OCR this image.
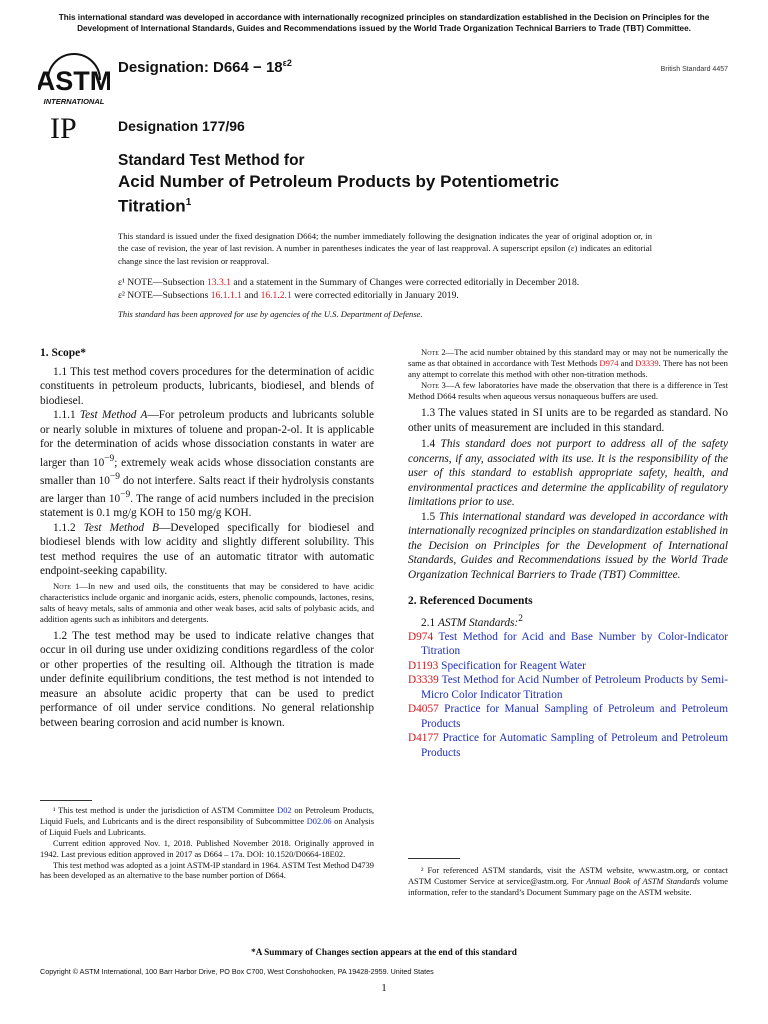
This international standard was developed in accordance with internationally recognized principles on standardization established in the Decision on Principles for the
Development of International Standards, Guides and Recommendations issued by the World Trade Organization Technical Barriers to Trade (TBT) Committee.
ASTM
INTERNATIONAL
IP
Designation: $D664 - 18^{\varepsilon 2}$
British Standard 4457
Designation 177/96
Standard Test Method for
Acid Number of Petroleum Products by Potentiometric
Titration$^1$
This standard is issued under the fixed designation D664; the number immediately following the designation indicates the year of original adoption or, in the case of revision, the year of last revision. A number in parentheses indicates the year of last reapproval. A superscript epsilon (ε) indicates an editorial change since the last revision or reapproval.
ε¹ NOTE—Subsection 13.3.1 and a statement in the Summary of Changes were corrected editorially in December 2018.
ε² NOTE—Subsections 16.1.1.1 and 16.1.2.1 were corrected editorially in January 2019.
This standard has been approved for use by agencies of the U.S. Department of Defense.
1. Scope*

1.1 This test method covers procedures for the determination of acidic constituents in petroleum products, lubricants, biodiesel, and blends of biodiesel.

1.1.1 Test Method A—For petroleum products and lubricants soluble or nearly soluble in mixtures of toluene and propan-2-ol. It is applicable for the determination of acids whose dissociation constants in water are larger than $10^{-9}$; extremely weak acids whose dissociation constants are smaller than $10^{-9}$ do not interfere. Salts react if their hydrolysis constants are larger than $10^{-9}$. The range of acid numbers included in the precision statement is 0.1 mg/g KOH to 150 mg/g KOH.

1.1.2 Test Method B—Developed specifically for biodiesel and biodiesel blends with low acidity and slightly different solubility. This test method requires the use of an automatic titrator with automatic endpoint-seeking capability.

Note 1—In new and used oils, the constituents that may be considered to have acidic characteristics include organic and inorganic acids, esters, phenolic compounds, lactones, resins, salts of heavy metals, salts of ammonia and other weak bases, acid salts of polybasic acids, and addition agents such as inhibitors and detergents.

1.2 The test method may be used to indicate relative changes that occur in oil during use under oxidizing conditions regardless of the color or other properties of the resulting oil. Although the titration is made under definite equilibrium conditions, the test method is not intended to measure an absolute acidic property that can be used to predict performance of oil under service conditions. No general relationship between bearing corrosion and acid number is known.

Note 2—The acid number obtained by this standard may or may not be numerically the same as that obtained in accordance with Test Methods D974 and D3339. There has not been any attempt to correlate this method with other non-titration methods.

Note 3—A few laboratories have made the observation that there is a difference in Test Method D664 results when aqueous versus nonaqueous buffers are used.

1.3 The values stated in SI units are to be regarded as standard. No other units of measurement are included in this standard.

1.4 This standard does not purport to address all of the safety concerns, if any, associated with its use. It is the responsibility of the user of this standard to establish appropriate safety, health, and environmental practices and determine the applicability of regulatory limitations prior to use.

1.5 This international standard was developed in accordance with internationally recognized principles on standardization established in the Decision on Principles for the Development of International Standards, Guides and Recommendations issued by the World Trade Organization Technical Barriers to Trade (TBT) Committee.

2. Referenced Documents

2.1 ASTM Standards:$^2$

D974 Test Method for Acid and Base Number by Color-Indicator Titration

D1193 Specification for Reagent Water

D3339 Test Method for Acid Number of Petroleum Products by Semi-Micro Color Indicator Titration

D4057 Practice for Manual Sampling of Petroleum and Petroleum Products

D4177 Practice for Automatic Sampling of Petroleum and Petroleum Products

¹ This test method is under the jurisdiction of ASTM Committee D02 on Petroleum Products, Liquid Fuels, and Lubricants and is the direct responsibility of Subcommittee D02.06 on Analysis of Liquid Fuels and Lubricants.

Current edition approved Nov. 1, 2018. Published November 2018. Originally approved in 1942. Last previous edition approved in 2017 as D664 – 17a. DOI: 10.1520/D0664-18E02.

This test method was adopted as a joint ASTM-IP standard in 1964. ASTM Test Method D4739 has been developed as an alternative to the base number portion of D664.

² For referenced ASTM standards, visit the ASTM website, www.astm.org, or contact ASTM Customer Service at service@astm.org. For Annual Book of ASTM Standards volume information, refer to the standard’s Document Summary page on the ASTM website.

*A Summary of Changes section appears at the end of this standard
Copyright © ASTM International, 100 Barr Harbor Drive, PO Box C700, West Conshohocken, PA 19428-2959. United States
1
